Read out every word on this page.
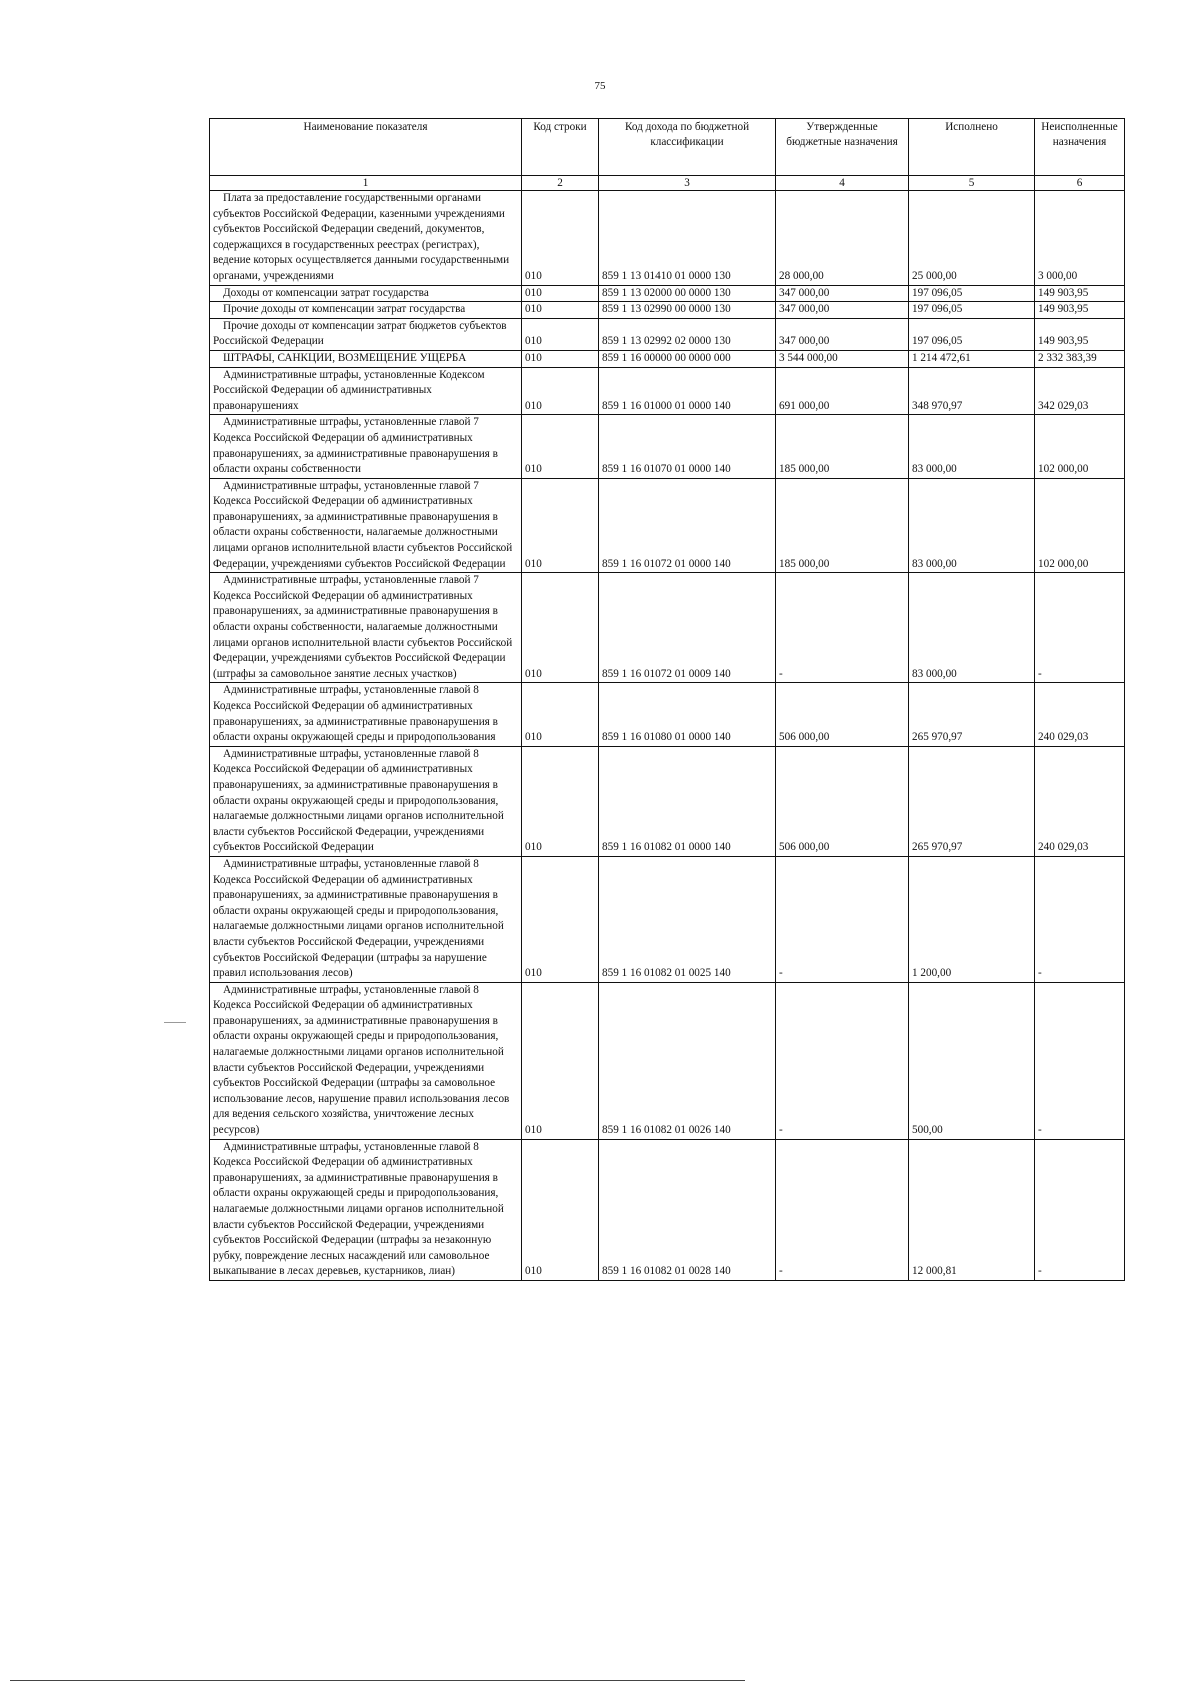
75
Наименование показателя	Код строки	Код дохода по бюджетной классификации	Утвержденные бюджетные назначения	Исполнено	Неисполненные назначения
1	2	3	4	5	6
Плата за предоставление государственными органами субъектов Российской Федерации, казенными учреждениями субъектов Российской Федерации сведений, документов, содержащихся в государственных реестрах (регистрах), ведение которых осуществляется данными государственными органами, учреждениями	010	859 1 13 01410 01 0000 130	28 000,00	25 000,00	3 000,00
Доходы от компенсации затрат государства	010	859 1 13 02000 00 0000 130	347 000,00	197 096,05	149 903,95
Прочие доходы от компенсации затрат государства	010	859 1 13 02990 00 0000 130	347 000,00	197 096,05	149 903,95
Прочие доходы от компенсации затрат бюджетов субъектов Российской Федерации	010	859 1 13 02992 02 0000 130	347 000,00	197 096,05	149 903,95
ШТРАФЫ, САНКЦИИ, ВОЗМЕЩЕНИЕ УЩЕРБА	010	859 1 16 00000 00 0000 000	3 544 000,00	1 214 472,61	2 332 383,39
Административные штрафы, установленные Кодексом Российской Федерации об административных правонарушениях	010	859 1 16 01000 01 0000 140	691 000,00	348 970,97	342 029,03
Административные штрафы, установленные главой 7 Кодекса Российской Федерации об административных правонарушениях, за административные правонарушения в области охраны собственности	010	859 1 16 01070 01 0000 140	185 000,00	83 000,00	102 000,00
Административные штрафы, установленные главой 7 Кодекса Российской Федерации об административных правонарушениях, за административные правонарушения в области охраны собственности, налагаемые должностными лицами органов исполнительной власти субъектов Российской Федерации, учреждениями субъектов Российской Федерации	010	859 1 16 01072 01 0000 140	185 000,00	83 000,00	102 000,00
Административные штрафы, установленные главой 7 Кодекса Российской Федерации об административных правонарушениях, за административные правонарушения в области охраны собственности, налагаемые должностными лицами органов исполнительной власти субъектов Российской Федерации, учреждениями субъектов Российской Федерации (штрафы за самовольное занятие лесных участков)	010	859 1 16 01072 01 0009 140	-	83 000,00	-
Административные штрафы, установленные главой 8 Кодекса Российской Федерации об административных правонарушениях, за административные правонарушения в области охраны окружающей среды и природопользования	010	859 1 16 01080 01 0000 140	506 000,00	265 970,97	240 029,03
Административные штрафы, установленные главой 8 Кодекса Российской Федерации об административных правонарушениях, за административные правонарушения в области охраны окружающей среды и природопользования, налагаемые должностными лицами органов исполнительной власти субъектов Российской Федерации, учреждениями субъектов Российской Федерации	010	859 1 16 01082 01 0000 140	506 000,00	265 970,97	240 029,03
Административные штрафы, установленные главой 8 Кодекса Российской Федерации об административных правонарушениях, за административные правонарушения в области охраны окружающей среды и природопользования, налагаемые должностными лицами органов исполнительной власти субъектов Российской Федерации, учреждениями субъектов Российской Федерации (штрафы за нарушение правил использования лесов)	010	859 1 16 01082 01 0025 140	-	1 200,00	-
Административные штрафы, установленные главой 8 Кодекса Российской Федерации об административных правонарушениях, за административные правонарушения в области охраны окружающей среды и природопользования, налагаемые должностными лицами органов исполнительной власти субъектов Российской Федерации, учреждениями субъектов Российской Федерации (штрафы за самовольное использование лесов, нарушение правил использования лесов для ведения сельского хозяйства, уничтожение лесных ресурсов)	010	859 1 16 01082 01 0026 140	-	500,00	-
Административные штрафы, установленные главой 8 Кодекса Российской Федерации об административных правонарушениях, за административные правонарушения в области охраны окружающей среды и природопользования, налагаемые должностными лицами органов исполнительной власти субъектов Российской Федерации, учреждениями субъектов Российской Федерации (штрафы за незаконную рубку, повреждение лесных насаждений или самовольное выкапывание в лесах деревьев, кустарников, лиан)	010	859 1 16 01082 01 0028 140	-	12 000,81	-
